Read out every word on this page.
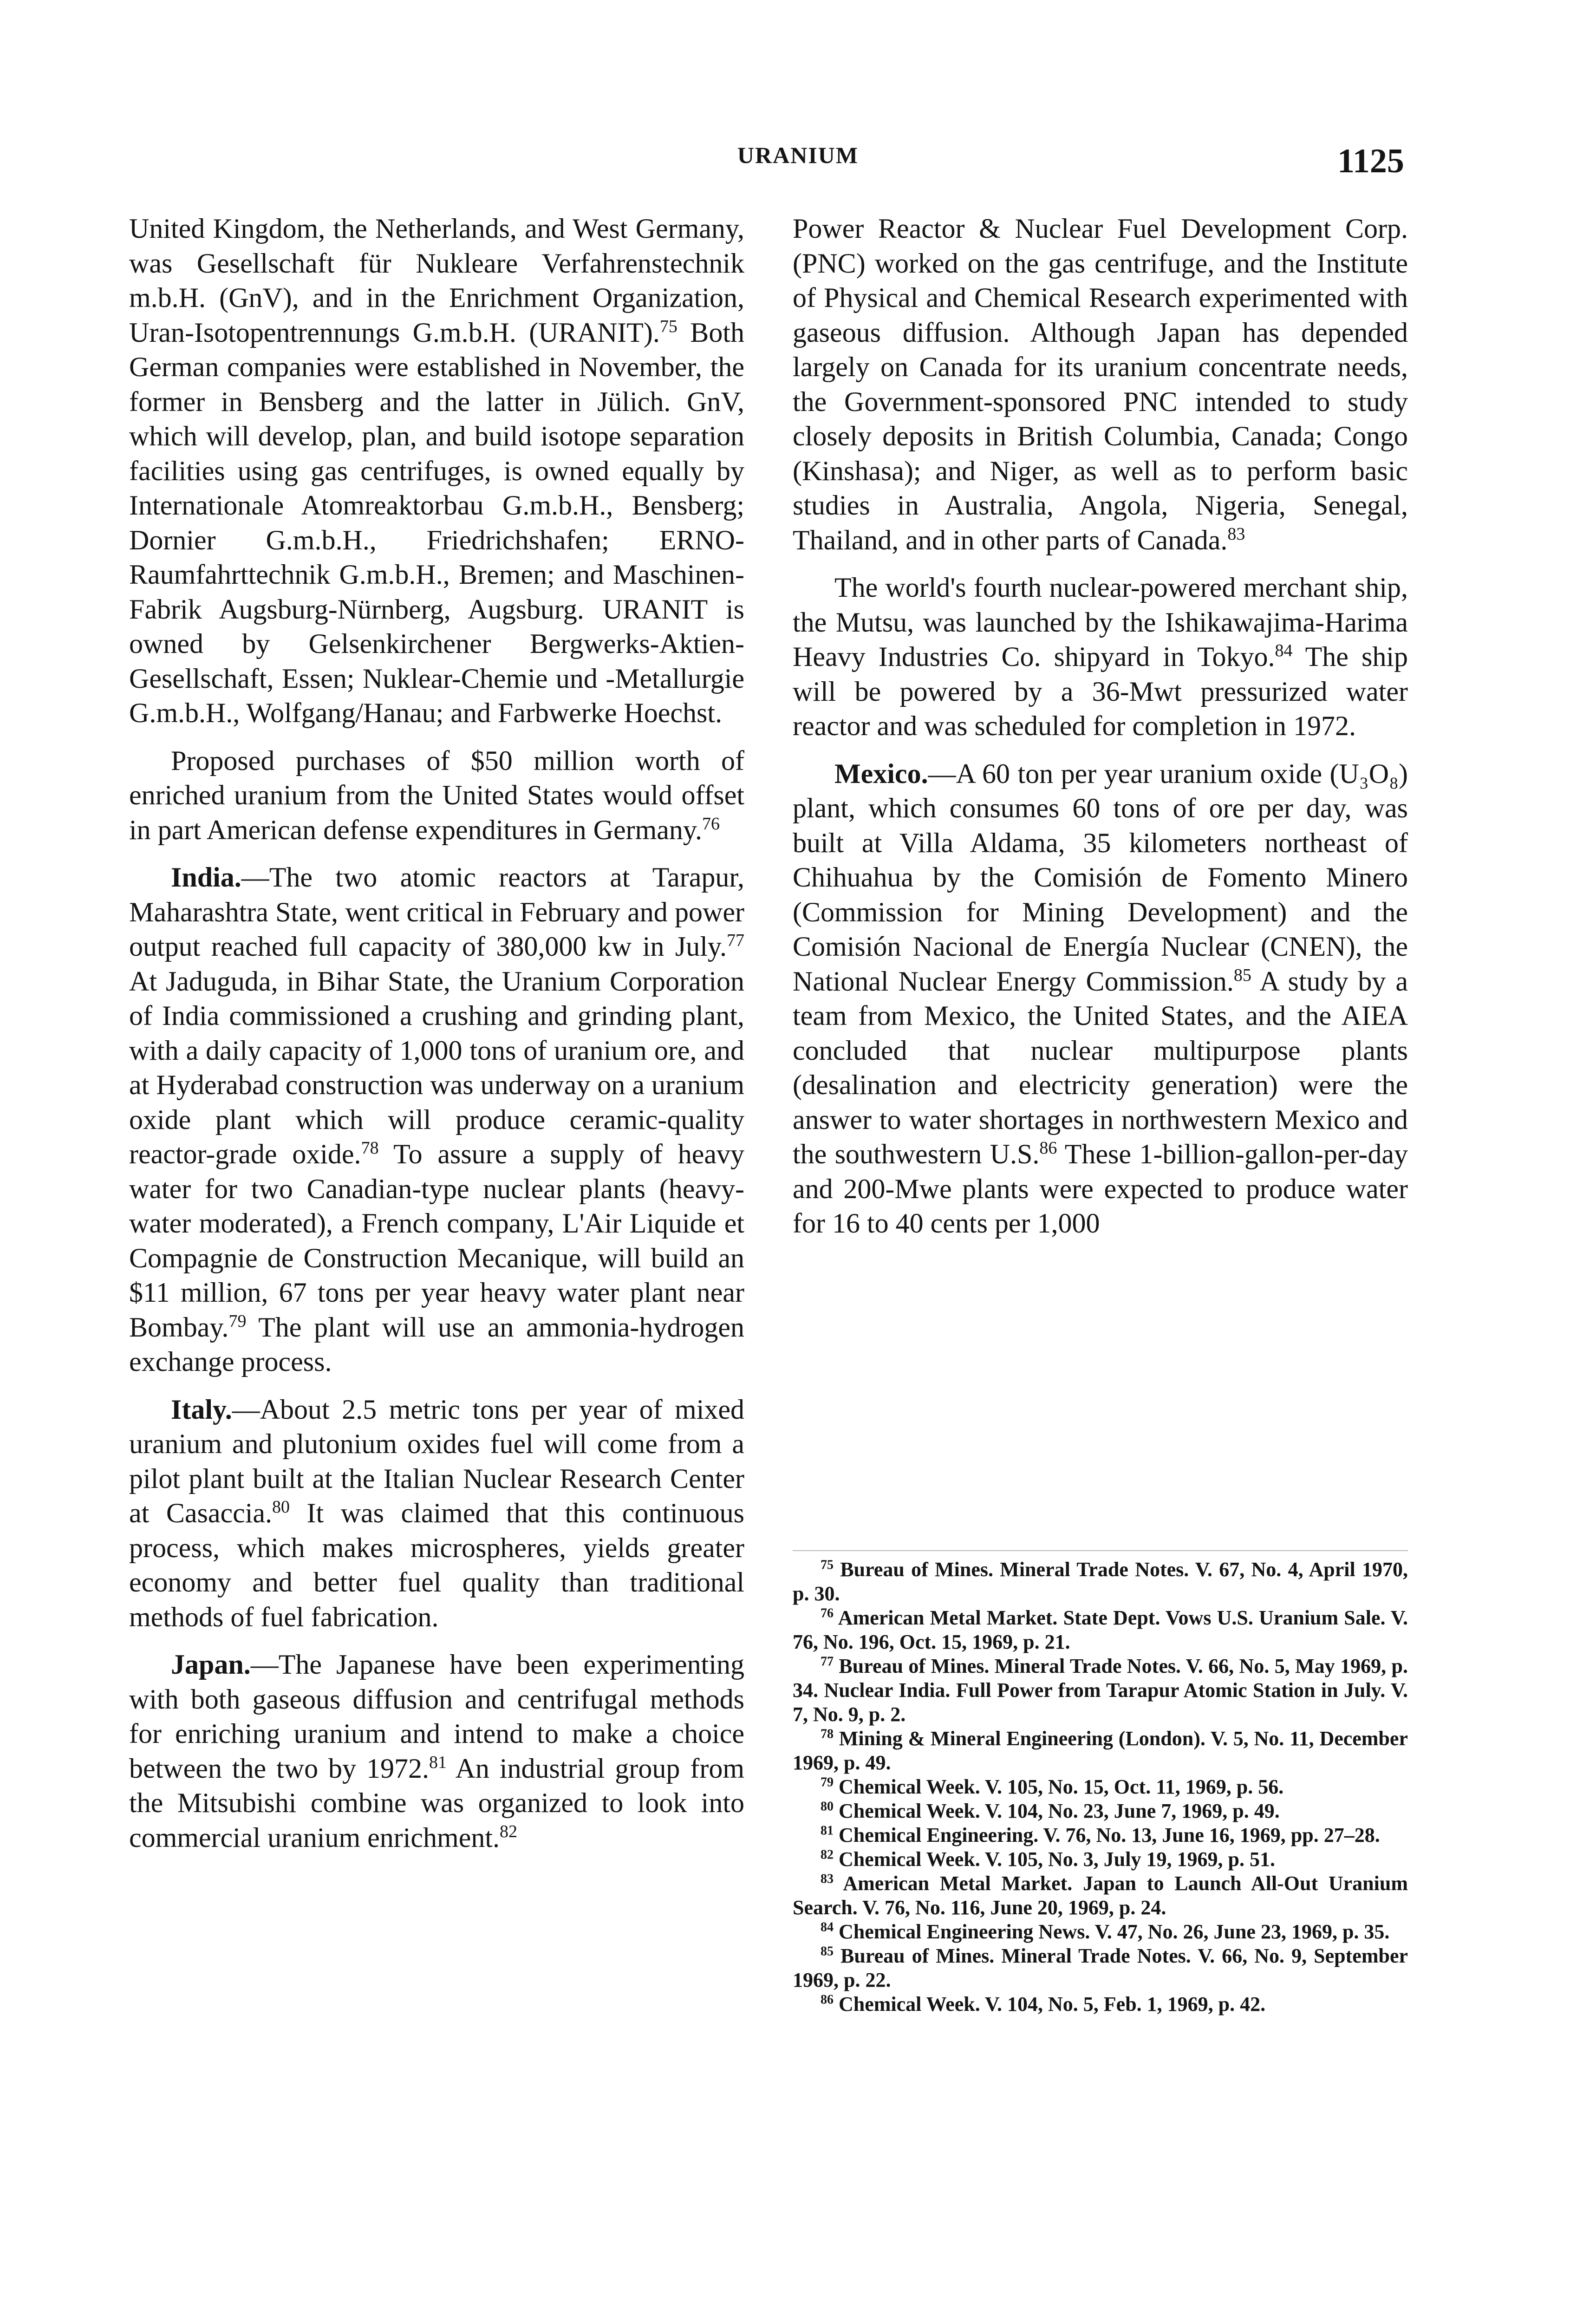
URANIUM	1125

United Kingdom, the Netherlands, and West Germany, was Gesellschaft für Nukleare Verfahrenstechnik m.b.H. (GnV), and in the Enrichment Organization, Uran-Isotopentrennungs G.m.b.H. (URANIT).$^{75}$ Both German companies were established in November, the former in Bensberg and the latter in Jülich. GnV, which will develop, plan, and build isotope separation facilities using gas centrifuges, is owned equally by Internationale Atomreaktorbau G.m.b.H., Bensberg; Dornier G.m.b.H., Friedrichshafen; ERNO-Raumfahrttechnik G.m.b.H., Bremen; and Maschinen-Fabrik Augsburg-Nürnberg, Augsburg. URANIT is owned by Gelsenkirchener Bergwerks-Aktien-Gesellschaft, Essen; Nuklear-Chemie und -Metallurgie G.m.b.H., Wolfgang/Hanau; and Farbwerke Hoechst.

Proposed purchases of $50 million worth of enriched uranium from the United States would offset in part American defense expenditures in Germany.$^{76}$

India.—The two atomic reactors at Tarapur, Maharashtra State, went critical in February and power output reached full capacity of 380,000 kw in July.$^{77}$ At Jaduguda, in Bihar State, the Uranium Corporation of India commissioned a crushing and grinding plant, with a daily capacity of 1,000 tons of uranium ore, and at Hyderabad construction was underway on a uranium oxide plant which will produce ceramic-quality reactor-grade oxide.$^{78}$ To assure a supply of heavy water for two Canadian-type nuclear plants (heavy-water moderated), a French company, L'Air Liquide et Compagnie de Construction Mecanique, will build an $11 million, 67 tons per year heavy water plant near Bombay.$^{79}$ The plant will use an ammonia-hydrogen exchange process.

Italy.—About 2.5 metric tons per year of mixed uranium and plutonium oxides fuel will come from a pilot plant built at the Italian Nuclear Research Center at Casaccia.$^{80}$ It was claimed that this continuous process, which makes microspheres, yields greater economy and better fuel quality than traditional methods of fuel fabrication.

Japan.—The Japanese have been experimenting with both gaseous diffusion and centrifugal methods for enriching uranium and intend to make a choice between the two by 1972.81 An industrial group from the Mitsubishi combine was organized to look into commercial uranium enrichment.$^{82}$

Power Reactor & Nuclear Fuel Development Corp. (PNC) worked on the gas centrifuge, and the Institute of Physical and Chemical Research experimented with gaseous diffusion. Although Japan has depended largely on Canada for its uranium concentrate needs, the Government-sponsored PNC intended to study closely deposits in British Columbia, Canada; Congo (Kinshasa); and Niger, as well as to perform basic studies in Australia, Angola, Nigeria, Senegal, Thailand, and in other parts of Canada.$^{83}$

The world's fourth nuclear-powered merchant ship, the Mutsu, was launched by the Ishikawajima-Harima Heavy Industries Co. shipyard in Tokyo.$^{84}$ The ship will be powered by a 36-Mwt pressurized water reactor and was scheduled for completion in 1972.

Mexico.—A 60 ton per year uranium oxide (U₃O₈) plant, which consumes 60 tons of ore per day, was built at Villa Aldama, 35 kilometers northeast of Chihuahua by the Comisión de Fomento Minero (Commission for Mining Development) and the Comisión Nacional de Energía Nuclear (CNEN), the National Nuclear Energy Commission.$^{85}$ A study by a team from Mexico, the United States, and the AIEA concluded that nuclear multipurpose plants (desalination and electricity generation) were the answer to water shortages in northwestern Mexico and the southwestern U.S.$^{86}$ These 1-billion-gallon-per-day and 200-Mwe plants were expected to produce water for 16 to 40 cents per 1,000

$^{75}$ Bureau of Mines. Mineral Trade Notes. V. 67, No. 4, April 1970, p. 30.

$^{76}$ American Metal Market. State Dept. Vows U.S. Uranium Sale. V. 76, No. 196, Oct. 15, 1969, p. 21.

$^{77}$ Bureau of Mines. Mineral Trade Notes. V. 66, No. 5, May 1969, p. 34. Nuclear India. Full Power from Tarapur Atomic Station in July. V. 7, No. 9, p. 2.

$^{78}$ Mining & Mineral Engineering (London). V. 5, No. 11, December 1969, p. 49.

$^{79}$ Chemical Week. V. 105, No. 15, Oct. 11, 1969, p. 56.

$^{80}$ Chemical Week. V. 104, No. 23, June 7, 1969, p. 49.

$^{81}$ Chemical Engineering. V. 76, No. 13, June 16, 1969, pp. 27–28.

$^{82}$ Chemical Week. V. 105, No. 3, July 19, 1969, p. 51.

$^{83}$ American Metal Market. Japan to Launch All-Out Uranium Search. V. 76, No. 116, June 20, 1969, p. 24.

$^{84}$ Chemical Engineering News. V. 47, No. 26, June 23, 1969, p. 35.

$^{85}$ Bureau of Mines. Mineral Trade Notes. V. 66, No. 9, September 1969, p. 22.

$^{86}$ Chemical Week. V. 104, No. 5, Feb. 1, 1969, p. 42.
